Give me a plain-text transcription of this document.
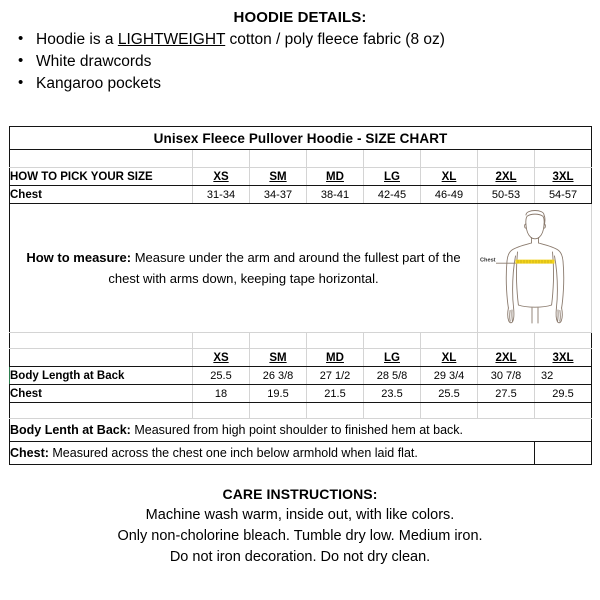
HOODIE DETAILS:
• Hoodie is a LIGHTWEIGHT cotton / poly fleece fabric (8 oz)
• White drawcords
• Kangaroo pockets
Unisex Fleece Pullover Hoodie - SIZE CHART							

HOW TO PICK YOUR SIZE	XS	SM	MD	LG	XL	2XL	3XL
Chest	31-34	34-37	38-41	42-45	46-49	50-53	54-57
How to measure: Measure under the arm and around the fullest part of the chest with arms down, keeping tape horizontal.						Chest	

	XS	SM	MD	LG	XL	2XL	3XL
Body Length at Back	25.5	26 3/8	27 1/2	28 5/8	29 3/4	30 7/8	32
Chest	18	19.5	21.5	23.5	25.5	27.5	29.5

Body Lenth at Back: Measured from high point shoulder to finished hem at back.							
Chest: Measured across the chest one inch below armhold when laid flat.							
CARE INSTRUCTIONS:
Machine wash warm, inside out, with like colors.
Only non-cholorine bleach. Tumble dry low. Medium iron.
Do not iron decoration. Do not dry clean.
